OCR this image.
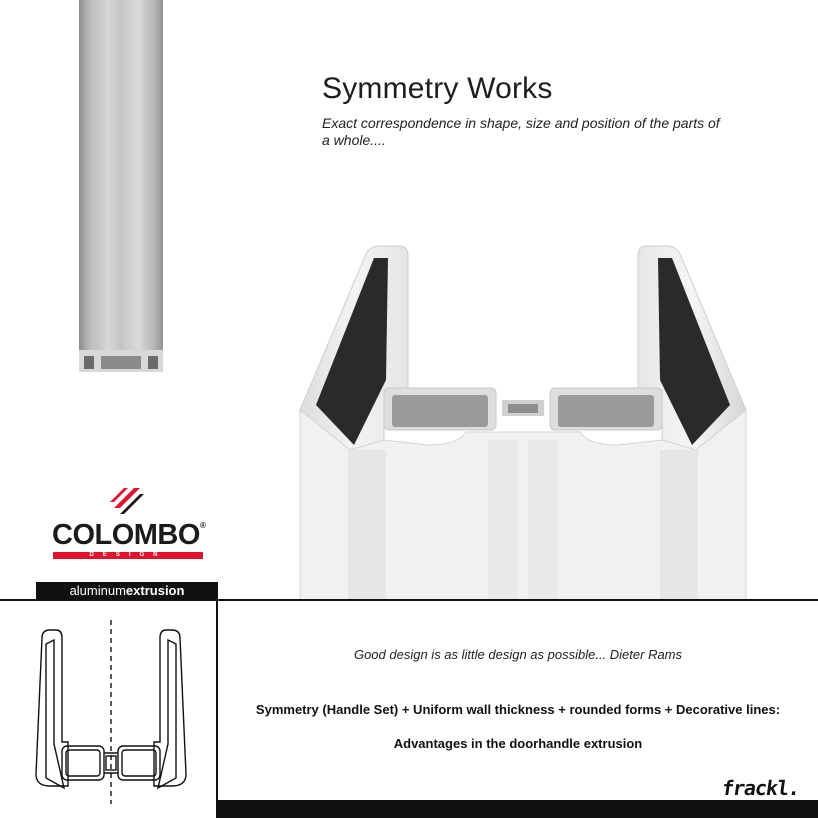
Symmetry Works
Exact correspondence in shape, size and position of the parts of a whole....
COLOMBO®
DESIGN
aluminumextrusion
Good design is as little design as possible... Dieter Rams
Symmetry (Handle Set) + Uniform wall thickness + rounded forms + Decorative lines:
Advantages in the doorhandle extrusion
frackl.
